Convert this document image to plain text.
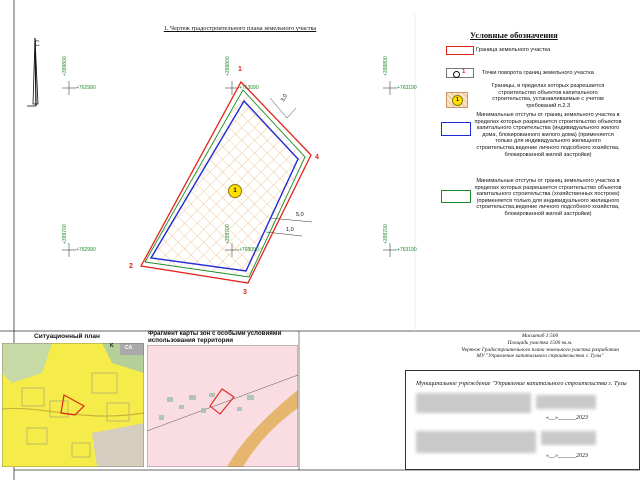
1. Чертеж градостроительного плана земельного участка
С
1
4
2
3
1
3,0
5,0
1,0
+399800
+762990
+399800
+763090
+399800
+763190
+399700
+762990
+399700
+763090
+399700
+763190
Условные обозначения
Граница земельного участка
1	Точки поворота границ земельного участка
1
Границы, в пределах которых разрешается строительство объектов капитального строительства, устанавливаемые с учетом требований п.2.3
Минимальные отступы от границ земельного участка в пределах которых разрешается строительство объектов капитального строительства (индивидуального жилого дома, блокированного жилого дома) (применяется только для индивидуального жилищного строительства,ведение личного подсобного хозяйства, блокированной жилой застройки)
Минимальные отступы от границ земельного участка в пределах которых разрешается строительство объектов капитального строительства (хозяйственных построек) (применяется только для индивидуального жилищного строительства,ведение личного подсобного хозяйства, блокированной жилой застройки)
Ситуационный план
K CA
Фрагмент карты зон с особыми условиями использования территории
Масштаб 1:500
Площадь участка 1500 кв.м.
Чертеж Градостроительного плана земельного участка разработан
МУ "Управление капитального строительства г. Тулы"
Муниципальное учреждение "Управление капитального строительства г. Тулы
«__»______2023
«__»______2023
